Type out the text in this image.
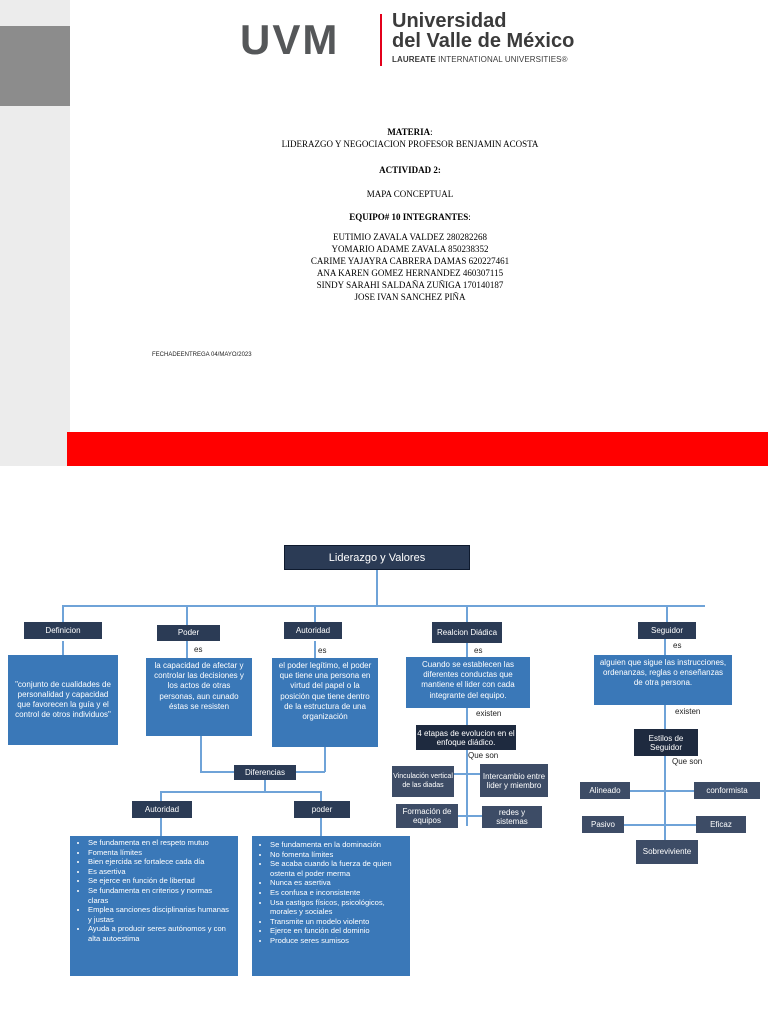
UVM	Universidad
del Valle de México
LAUREATE INTERNATIONAL UNIVERSITIES®
MATERIA:
LIDERAZGO Y NEGOCIACION PROFESOR BENJAMIN ACOSTA
ACTIVIDAD 2:
MAPA CONCEPTUAL
EQUIPO# 10 INTEGRANTES:
EUTIMIO ZAVALA VALDEZ 280282268
YOMARIO ADAME ZAVALA 850238352
CARIME YAJAYRA CABRERA DAMAS 620227461
ANA KAREN GOMEZ HERNANDEZ 460307115
SINDY SARAHI SALDAÑA ZUÑIGA 170140187
JOSE IVAN SANCHEZ PIÑA
FECHADEENTREGA 04/MAYO/2023
Liderazgo y Valores
Definicion	Poder
es
Autoridad
es
Realcion Diádica
es
Seguidor
es
"conjunto de cualidades de personalidad y capacidad que favorecen la guía y el control de otros individuos"
la capacidad de afectar y controlar las decisiones y los actos de otras personas, aun cunado éstas se resisten
el poder legítimo, el poder que tiene una persona en virtud del papel o la posición que tiene dentro de la estructura de una organización
Cuando se establecen las diferentes conductas que mantiene el lider con cada integrante del equipo.
existen
alguien que sigue las instrucciones, ordenanzas, reglas o enseñanzas de otra persona.
existen
4 etapas de evolucion en el enfoque diádico.
Que son
Vinculación vertical de las diadas
Intercambio entre lider y miembro
Formación de equipos
redes y sistemas
Estilos de Seguidor
Que son
Alineado	conformista
Pasivo	Eficaz
Sobreviviente
Diferencias
Autoridad	poder
• Se fundamenta en el respeto mutuo
• Fomenta límites
• Bien ejercida se fortalece cada día
• Es asertiva
• Se ejerce en función de libertad
• Se fundamenta en criterios y normas claras
• Emplea sanciones disciplinarias humanas y justas
• Ayuda a producir seres autónomos y con alta autoestima
• Se fundamenta en la dominación
• No fomenta límites
• Se acaba cuando la fuerza de quien ostenta el poder merma
• Nunca es asertiva
• Es confusa e inconsistente
• Usa castigos físicos, psicológicos, morales y sociales
• Transmite un modelo violento
• Ejerce en función del dominio
• Produce seres sumisos
